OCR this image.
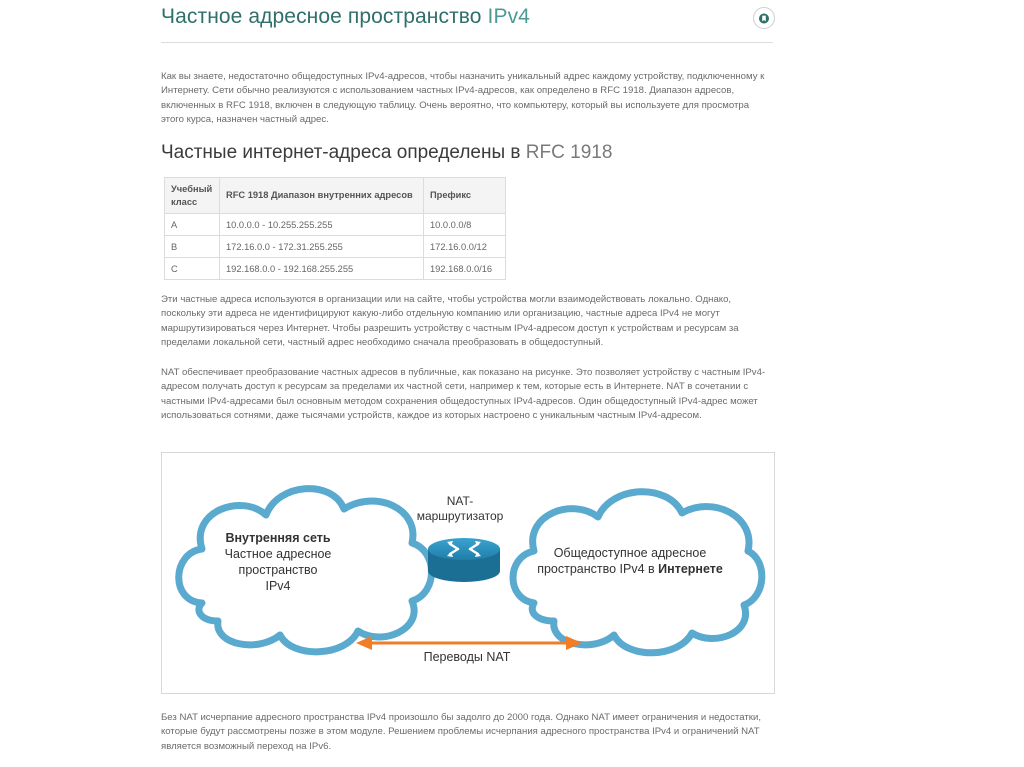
Частное адресное пространство IPv4
Как вы знаете, недостаточно общедоступных IPv4-адресов, чтобы назначить уникальный адрес каждому устройству, подключенному к Интернету. Сети обычно реализуются с использованием частных IPv4-адресов, как определено в RFC 1918. Диапазон адресов, включенных в RFC 1918, включен в следующую таблицу. Очень вероятно, что компьютеру, который вы используете для просмотра этого курса, назначен частный адрес.
Частные интернет-адреса определены в RFC 1918
Учебный класс	RFC 1918 Диапазон внутренних адресов	Префикс
A	10.0.0.0 - 10.255.255.255	10.0.0.0/8
B	172.16.0.0 - 172.31.255.255	172.16.0.0/12
C	192.168.0.0 - 192.168.255.255	192.168.0.0/16
Эти частные адреса используются в организации или на сайте, чтобы устройства могли взаимодействовать локально. Однако, поскольку эти адреса не идентифицируют какую-либо отдельную компанию или организацию, частные адреса IPv4 не могут маршрутизироваться через Интернет. Чтобы разрешить устройству с частным IPv4-адресом доступ к устройствам и ресурсам за пределами локальной сети, частный адрес необходимо сначала преобразовать в общедоступный.
NAT обеспечивает преобразование частных адресов в публичные, как показано на рисунке. Это позволяет устройству с частным IPv4-адресом получать доступ к ресурсам за пределами их частной сети, например к тем, которые есть в Интернете. NAT в сочетании с частными IPv4-адресами был основным методом сохранения общедоступных IPv4-адресов. Один общедоступный IPv4-адрес может использоваться сотнями, даже тысячами устройств, каждое из которых настроено с уникальным частным IPv4-адресом.
Внутренняя сеть
Частное адресное пространство
IPv4
NAT-
маршрутизатор
Общедоступное адресное
пространство IPv4 в Интернете
Переводы NAT
Без NAT исчерпание адресного пространства IPv4 произошло бы задолго до 2000 года. Однако NAT имеет ограничения и недостатки, которые будут рассмотрены позже в этом модуле. Решением проблемы исчерпания адресного пространства IPv4 и ограничений NAT является возможный переход на IPv6.
